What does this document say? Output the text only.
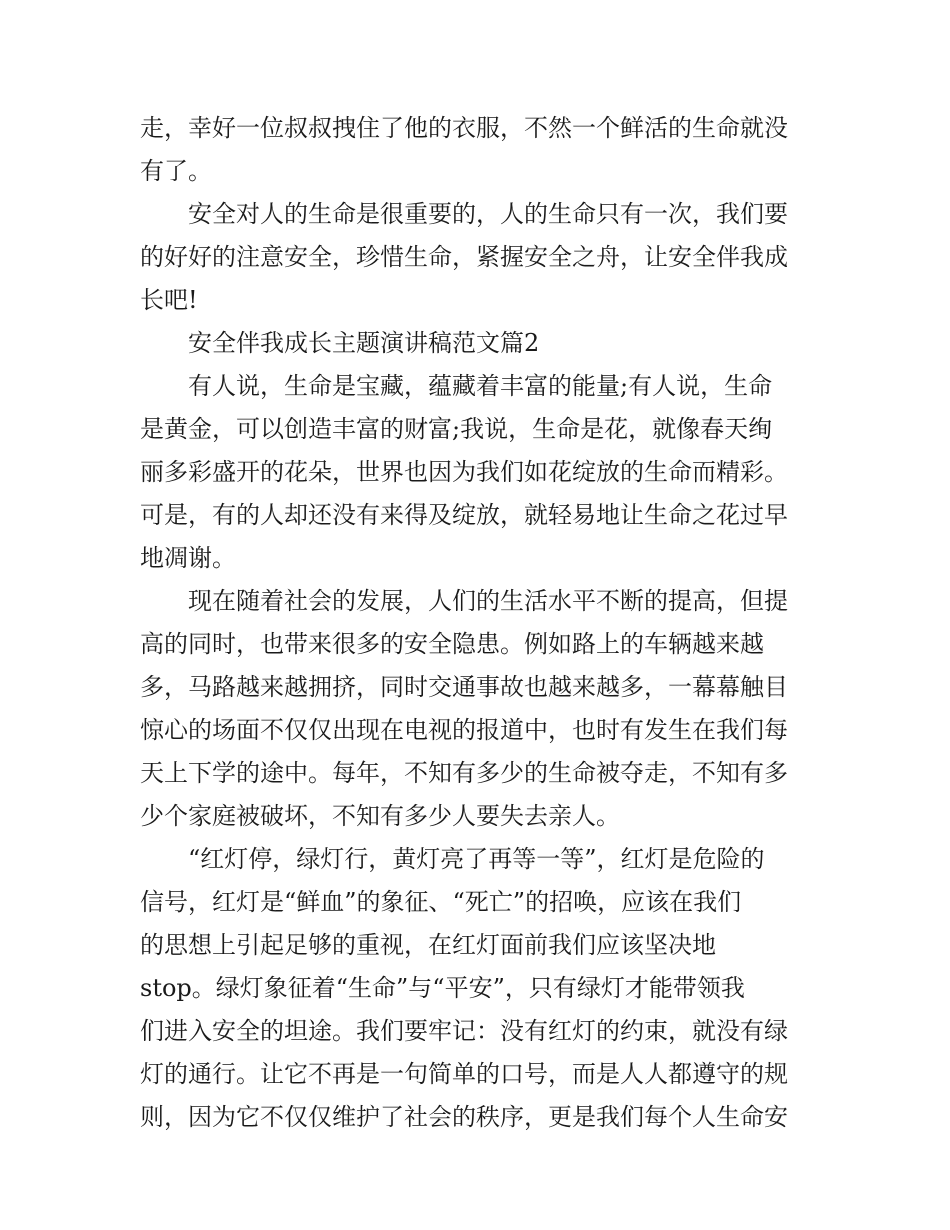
走，幸好一位叔叔拽住了他的衣服，不然一个鲜活的生命就没
有了。
安全对人的生命是很重要的，人的生命只有一次，我们要
的好好的注意安全，珍惜生命，紧握安全之舟，让安全伴我成
长吧!
安全伴我成长主题演讲稿范文篇2
有人说，生命是宝藏，蕴藏着丰富的能量;有人说，生命
是黄金，可以创造丰富的财富;我说，生命是花，就像春天绚
丽多彩盛开的花朵，世界也因为我们如花绽放的生命而精彩。
可是，有的人却还没有来得及绽放，就轻易地让生命之花过早
地凋谢。
现在随着社会的发展，人们的生活水平不断的提高，但提
高的同时，也带来很多的安全隐患。例如路上的车辆越来越
多，马路越来越拥挤，同时交通事故也越来越多，一幕幕触目
惊心的场面不仅仅出现在电视的报道中，也时有发生在我们每
天上下学的途中。每年，不知有多少的生命被夺走，不知有多
少个家庭被破坏，不知有多少人要失去亲人。
“红灯停，绿灯行，黄灯亮了再等一等”，红灯是危险的
信号，红灯是“鲜血”的象征、“死亡”的招唤，应该在我们
的思想上引起足够的重视，在红灯面前我们应该坚决地
stop。绿灯象征着“生命”与“平安”，只有绿灯才能带领我
们进入安全的坦途。我们要牢记：没有红灯的约束，就没有绿
灯的通行。让它不再是一句简单的口号，而是人人都遵守的规
则，因为它不仅仅维护了社会的秩序，更是我们每个人生命安
